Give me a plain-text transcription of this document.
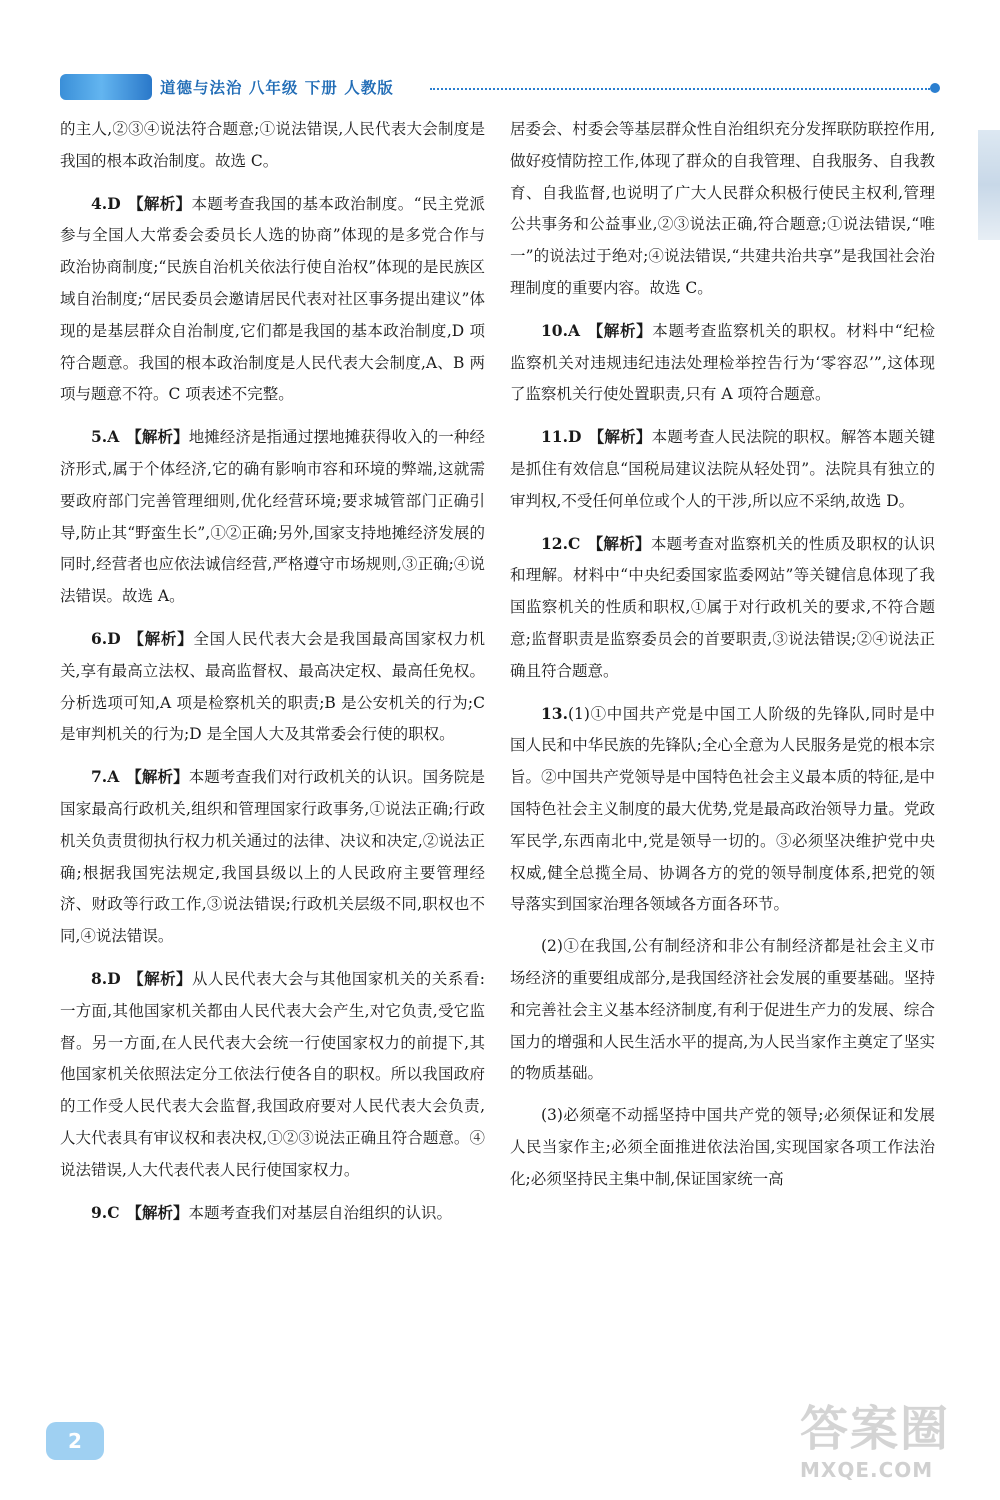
道德与法治 八年级 下册 人教版

的主人,②③④说法符合题意;①说法错误,人民代表大会制度是我国的根本政治制度。故选 C。

4.D 【解析】本题考查我国的基本政治制度。“民主党派参与全国人大常委会委员长人选的协商”体现的是多党合作与政治协商制度;“民族自治机关依法行使自治权”体现的是民族区域自治制度;“居民委员会邀请居民代表对社区事务提出建议”体现的是基层群众自治制度,它们都是我国的基本政治制度,D 项符合题意。我国的根本政治制度是人民代表大会制度,A、B 两项与题意不符。C 项表述不完整。

5.A 【解析】地摊经济是指通过摆地摊获得收入的一种经济形式,属于个体经济,它的确有影响市容和环境的弊端,这就需要政府部门完善管理细则,优化经营环境;要求城管部门正确引导,防止其“野蛮生长”,①②正确;另外,国家支持地摊经济发展的同时,经营者也应依法诚信经营,严格遵守市场规则,③正确;④说法错误。故选 A。

6.D 【解析】全国人民代表大会是我国最高国家权力机关,享有最高立法权、最高监督权、最高决定权、最高任免权。分析选项可知,A 项是检察机关的职责;B 是公安机关的行为;C 是审判机关的行为;D 是全国人大及其常委会行使的职权。

7.A 【解析】本题考查我们对行政机关的认识。国务院是国家最高行政机关,组织和管理国家行政事务,①说法正确;行政机关负责贯彻执行权力机关通过的法律、决议和决定,②说法正确;根据我国宪法规定,我国县级以上的人民政府主要管理经济、财政等行政工作,③说法错误;行政机关层级不同,职权也不同,④说法错误。

8.D 【解析】从人民代表大会与其他国家机关的关系看:一方面,其他国家机关都由人民代表大会产生,对它负责,受它监督。另一方面,在人民代表大会统一行使国家权力的前提下,其他国家机关依照法定分工依法行使各自的职权。所以我国政府的工作受人民代表大会监督,我国政府要对人民代表大会负责,人大代表具有审议权和表决权,①②③说法正确且符合题意。④说法错误,人大代表代表人民行使国家权力。

9.C 【解析】本题考查我们对基层自治组织的认识。

居委会、村委会等基层群众性自治组织充分发挥联防联控作用,做好疫情防控工作,体现了群众的自我管理、自我服务、自我教育、自我监督,也说明了广大人民群众积极行使民主权利,管理公共事务和公益事业,②③说法正确,符合题意;①说法错误,“唯一”的说法过于绝对;④说法错误,“共建共治共享”是我国社会治理制度的重要内容。故选 C。

10.A 【解析】本题考查监察机关的职权。材料中“纪检监察机关对违规违纪违法处理检举控告行为‘零容忍’”,这体现了监察机关行使处置职责,只有 A 项符合题意。

11.D 【解析】本题考查人民法院的职权。解答本题关键是抓住有效信息“国税局建议法院从轻处罚”。法院具有独立的审判权,不受任何单位或个人的干涉,所以应不采纳,故选 D。

12.C 【解析】本题考查对监察机关的性质及职权的认识和理解。材料中“中央纪委国家监委网站”等关键信息体现了我国监察机关的性质和职权,①属于对行政机关的要求,不符合题意;监督职责是监察委员会的首要职责,③说法错误;②④说法正确且符合题意。

13.(1)①中国共产党是中国工人阶级的先锋队,同时是中国人民和中华民族的先锋队;全心全意为人民服务是党的根本宗旨。②中国共产党领导是中国特色社会主义最本质的特征,是中国特色社会主义制度的最大优势,党是最高政治领导力量。党政军民学,东西南北中,党是领导一切的。③必须坚决维护党中央权威,健全总揽全局、协调各方的党的领导制度体系,把党的领导落实到国家治理各领域各方面各环节。

(2)①在我国,公有制经济和非公有制经济都是社会主义市场经济的重要组成部分,是我国经济社会发展的重要基础。坚持和完善社会主义基本经济制度,有利于促进生产力的发展、综合国力的增强和人民生活水平的提高,为人民当家作主奠定了坚实的物质基础。

(3)必须毫不动摇坚持中国共产党的领导;必须保证和发展人民当家作主;必须全面推进依法治国,实现国家各项工作法治化;必须坚持民主集中制,保证国家统一高

2	答案圈
MXQE.COM
